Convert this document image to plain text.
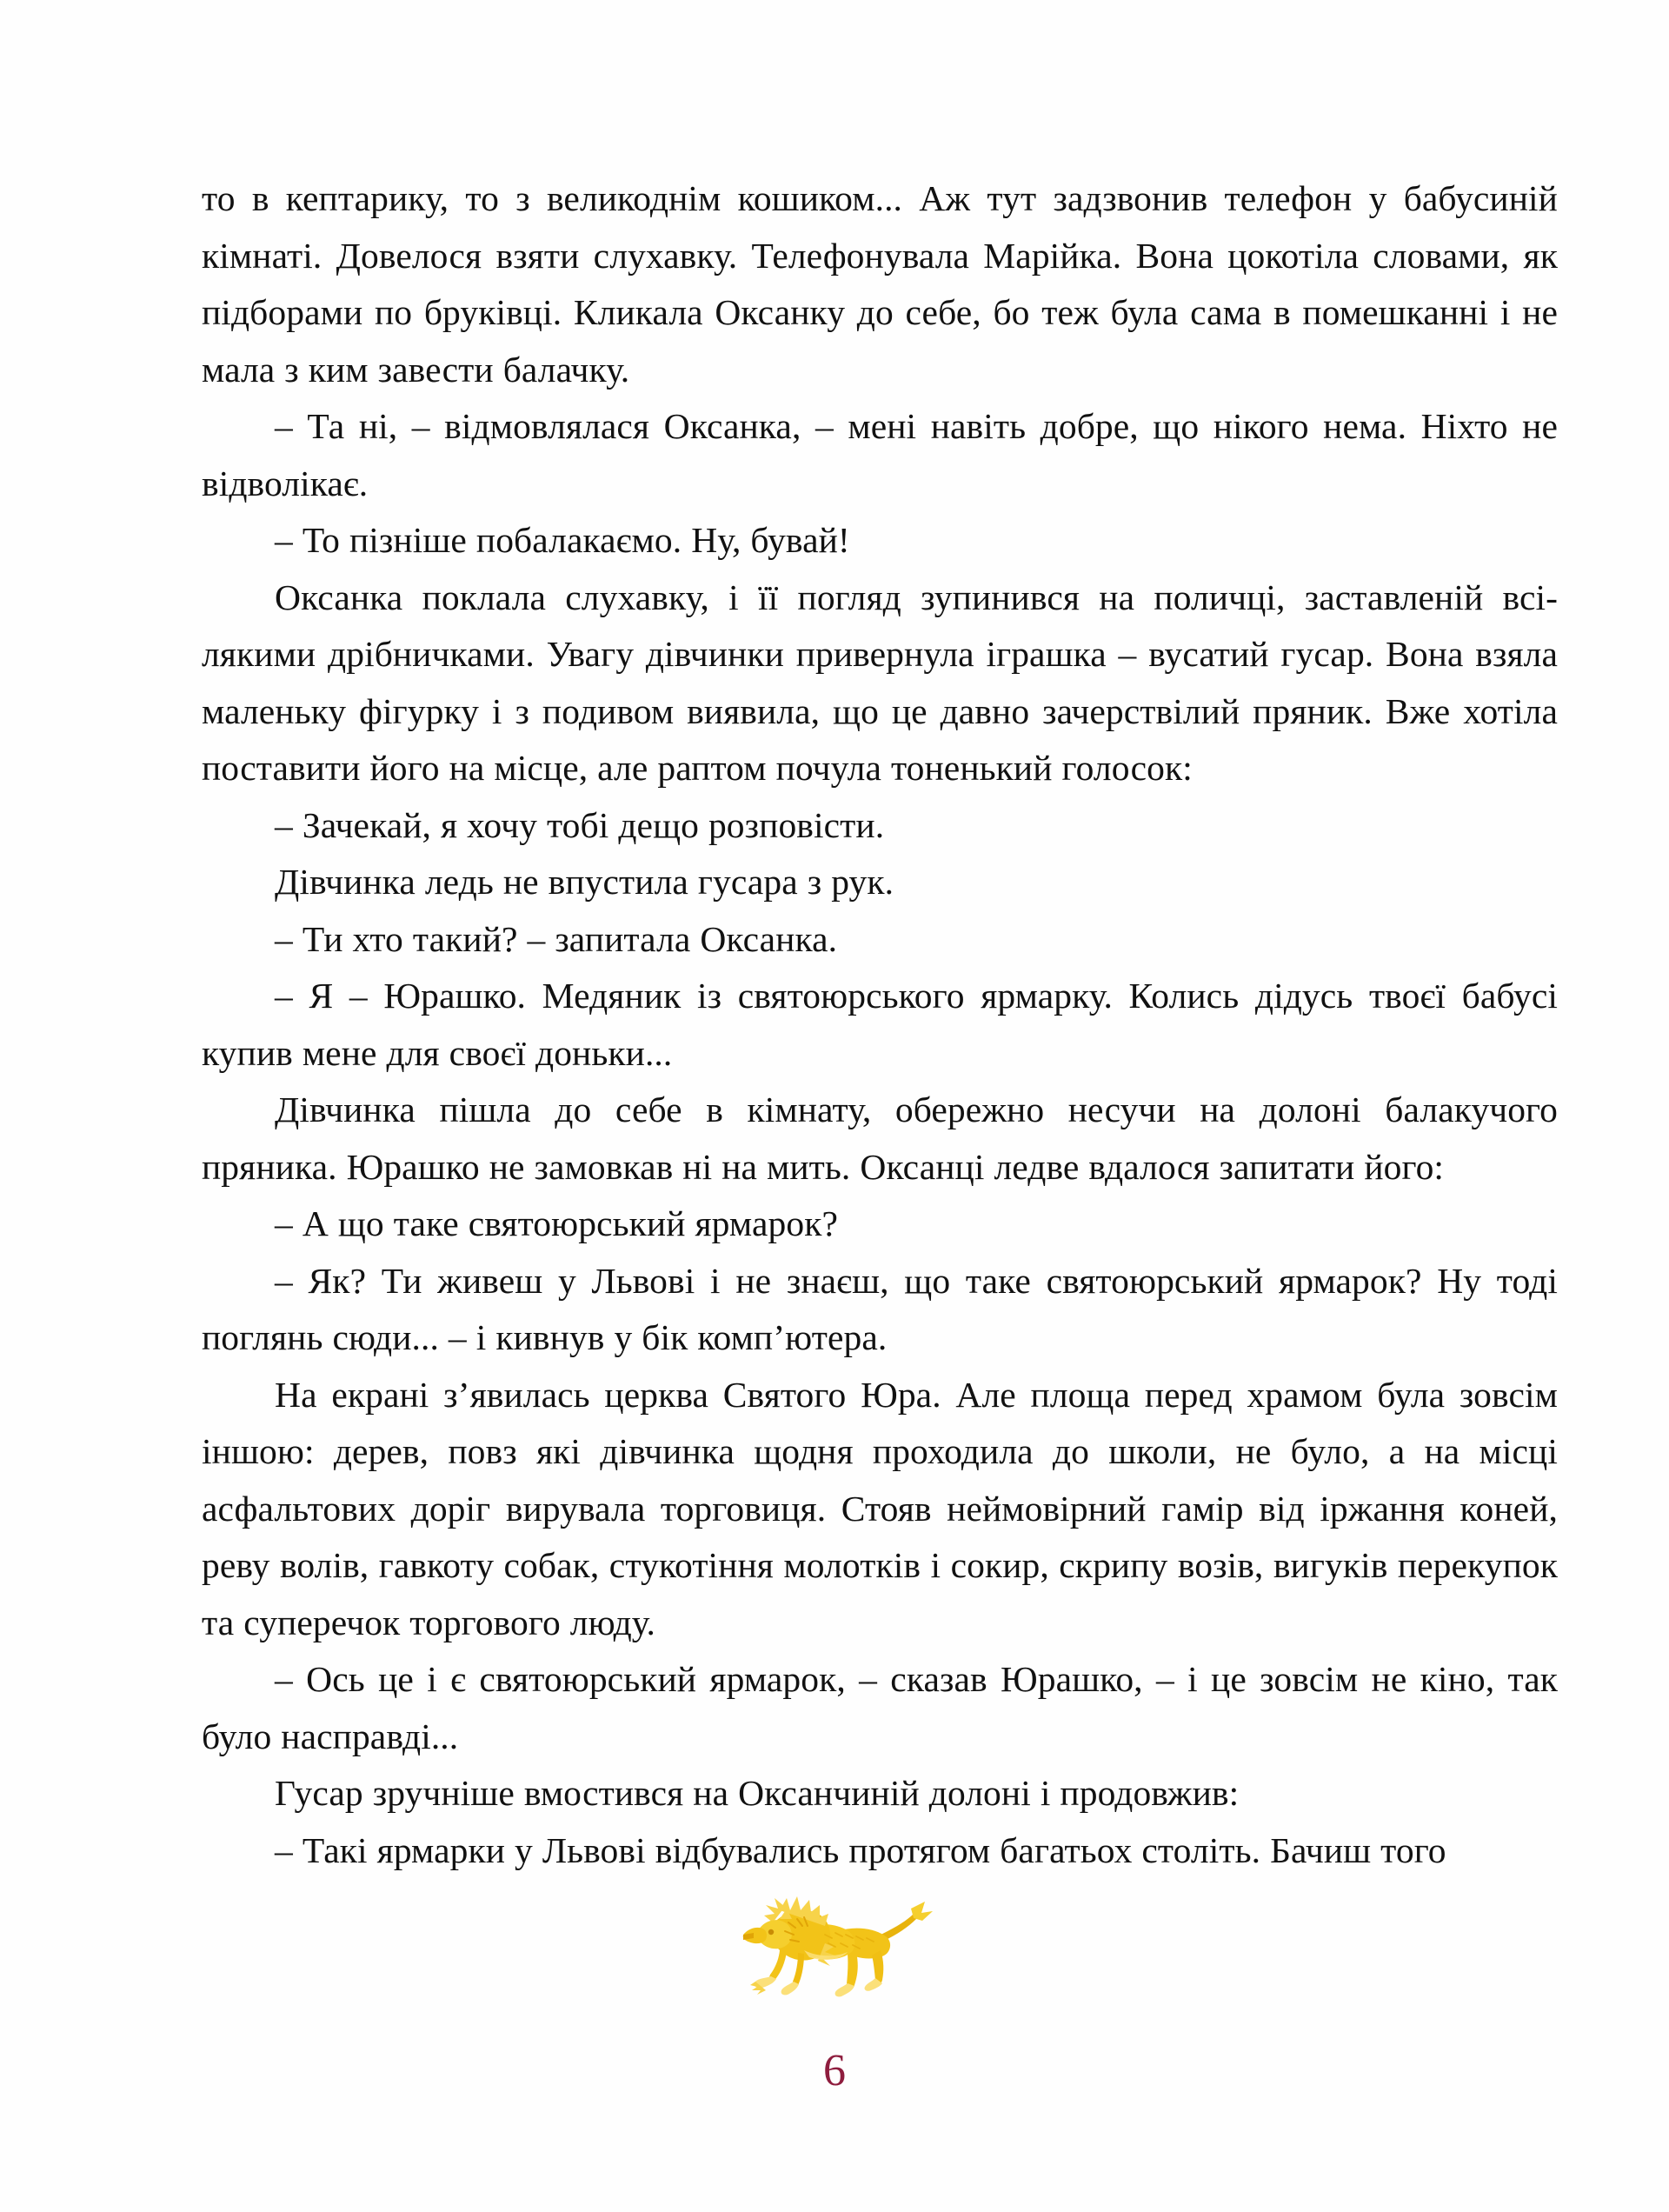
то в кептарику, то з великоднім кошиком... Аж тут задзвонив телефон у бабусиній кімнаті. Довелося взяти слухавку. Телефонувала Марійка. Вона цокотіла словами, як підборами по бруківці. Кликала Оксанку до себе, бо теж була сама в помешканні і не мала з ким завести балачку.

– Та ні, – відмовлялася Оксанка, – мені навіть добре, що нікого нема. Ніхто не відволікає.

– То пізніше побалакаємо. Ну, бувай!

Оксанка поклала слухавку, і її погляд зупинився на поличці, заставленій всілякими дрібничками. Увагу дівчинки привернула іграшка – вусатий гусар. Вона взяла маленьку фігурку і з подивом виявила, що це давно зачерствілий пряник. Вже хотіла поставити його на місце, але раптом почула тоненький голосок:

– Зачекай, я хочу тобі дещо розповісти.

Дівчинка ледь не впустила гусара з рук.

– Ти хто такий? – запитала Оксанка.

– Я – Юрашко. Медяник із святоюрського ярмарку. Колись дідусь твоєї бабусі купив мене для своєї доньки...

Дівчинка пішла до себе в кімнату, обережно несучи на долоні балакучого пряника. Юрашко не замовкав ні на мить. Оксанці ледве вдалося запитати його:

– А що таке святоюрський ярмарок?

– Як? Ти живеш у Львові і не знаєш, що таке святоюрський ярмарок? Ну тоді поглянь сюди... – і кивнув у бік комп’ютера.

На екрані з’явилась церква Святого Юра. Але площа перед храмом була зовсім іншою: дерев, повз які дівчинка щодня проходила до школи, не було, а на місці асфальтових доріг вирувала торговиця. Стояв неймовірний гамір від іржання коней, реву волів, гавкоту собак, стукотіння молотків і сокир, скрипу возів, вигуків перекупок та суперечок торгового люду.

– Ось це і є святоюрський ярмарок, – сказав Юрашко, – і це зовсім не кіно, так було насправді...

Гусар зручніше вмостився на Оксанчиній долоні і продовжив:

– Такі ярмарки у Львові відбувались протягом багатьох століть. Бачиш того

6
